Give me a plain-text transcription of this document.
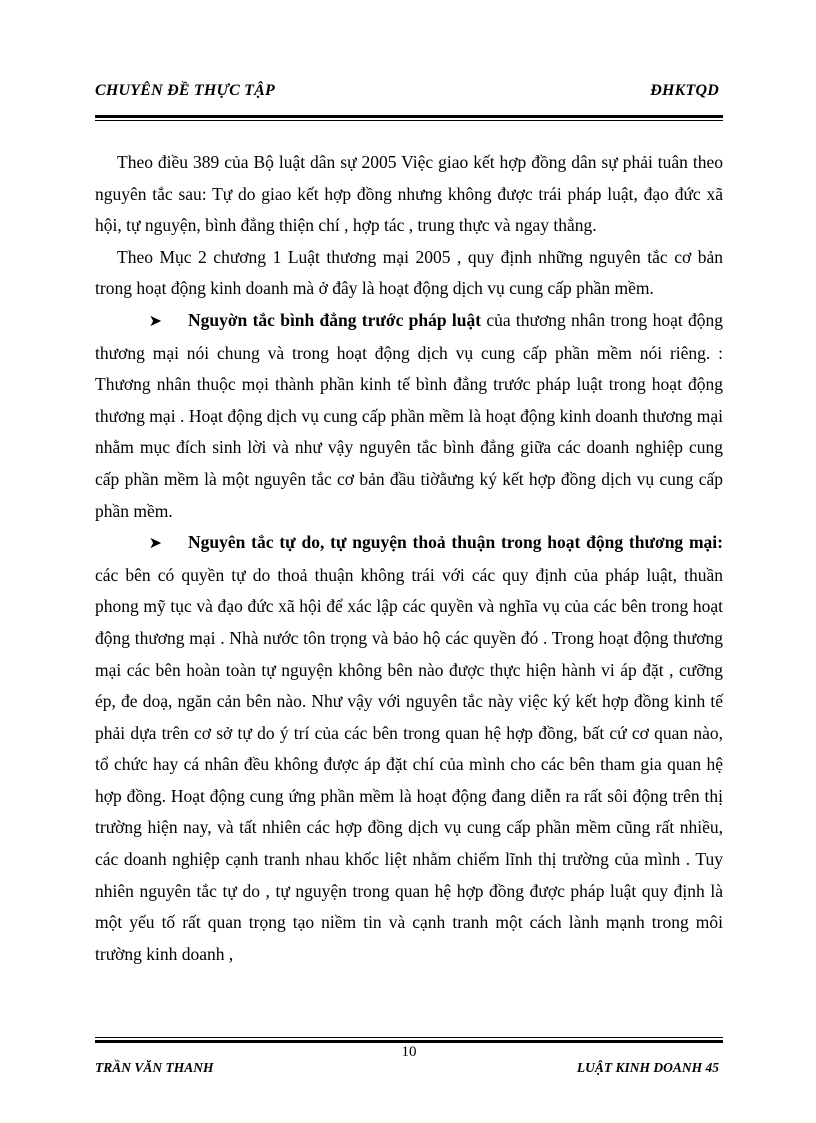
CHUYÊN ĐỀ THỰC TẬP	ĐHKTQD

Theo điều 389 của Bộ luật dân sự 2005 Việc giao kết hợp đồng dân sự phải tuân theo nguyên tắc sau: Tự do giao kết hợp đồng nhưng không được trái pháp luật, đạo đức xã hội, tự nguyện, bình đẳng thiện chí , hợp tác , trung thực và ngay thẳng.

Theo Mục 2 chương 1 Luật thương mại 2005 , quy định những nguyên tắc cơ bản trong hoạt động kinh doanh mà ở đây là hoạt động dịch vụ cung cấp phần mềm.

➤ Nguyờn tắc bình đẳng trước pháp luật của thương nhân trong hoạt động thương mại nói chung và trong hoạt động dịch vụ cung cấp phần mềm nói riêng. : Thương nhân thuộc mọi thành phần kinh tế bình đẳng trước pháp luật trong hoạt động thương mại . Hoạt động dịch vụ cung cấp phần mềm là hoạt động kinh doanh thương mại nhằm mục đích sinh lời và như vậy nguyên tắc bình đẳng giữa các doanh nghiệp cung cấp phần mềm là một nguyên tắc cơ bản đầu tiờằưng ký kết hợp đồng dịch vụ cung cấp phần mềm.

➤ Nguyên tắc tự do, tự nguyện thoả thuận trong hoạt động thương mại: các bên có quyền tự do thoả thuận không trái với các quy định của pháp luật, thuần phong mỹ tục và đạo đức xã hội để xác lập các quyền và nghĩa vụ của các bên trong hoạt động thương mại . Nhà nước tôn trọng và bảo hộ các quyền đó . Trong hoạt động thương mại các bên hoàn toàn tự nguyện không bên nào được thực hiện hành vi áp đặt , cưỡng ép, đe doạ, ngăn cản bên nào. Như vậy với nguyên tắc này việc ký kết hợp đồng kinh tế phải dựa trên cơ sở tự do ý trí của các bên trong quan hệ hợp đồng, bất cứ cơ quan nào, tổ chức hay cá nhân đều không được áp đặt chí của mình cho các bên tham gia quan hệ hợp đồng. Hoạt động cung ứng phần mềm là hoạt động đang diễn ra rất sôi động trên thị trường hiện nay, và tất nhiên các hợp đồng dịch vụ cung cấp phần mềm cũng rất nhiều, các doanh nghiệp cạnh tranh nhau khốc liệt nhằm chiếm lĩnh thị trường của mình . Tuy nhiên nguyên tắc tự do , tự nguyện trong quan hệ hợp đồng được pháp luật quy định là một yếu tố rất quan trọng tạo niềm tin và cạnh tranh một cách lành mạnh trong môi trường kinh doanh ,

10
TRẦN VĂN THANH	LUẬT KINH DOANH 45
